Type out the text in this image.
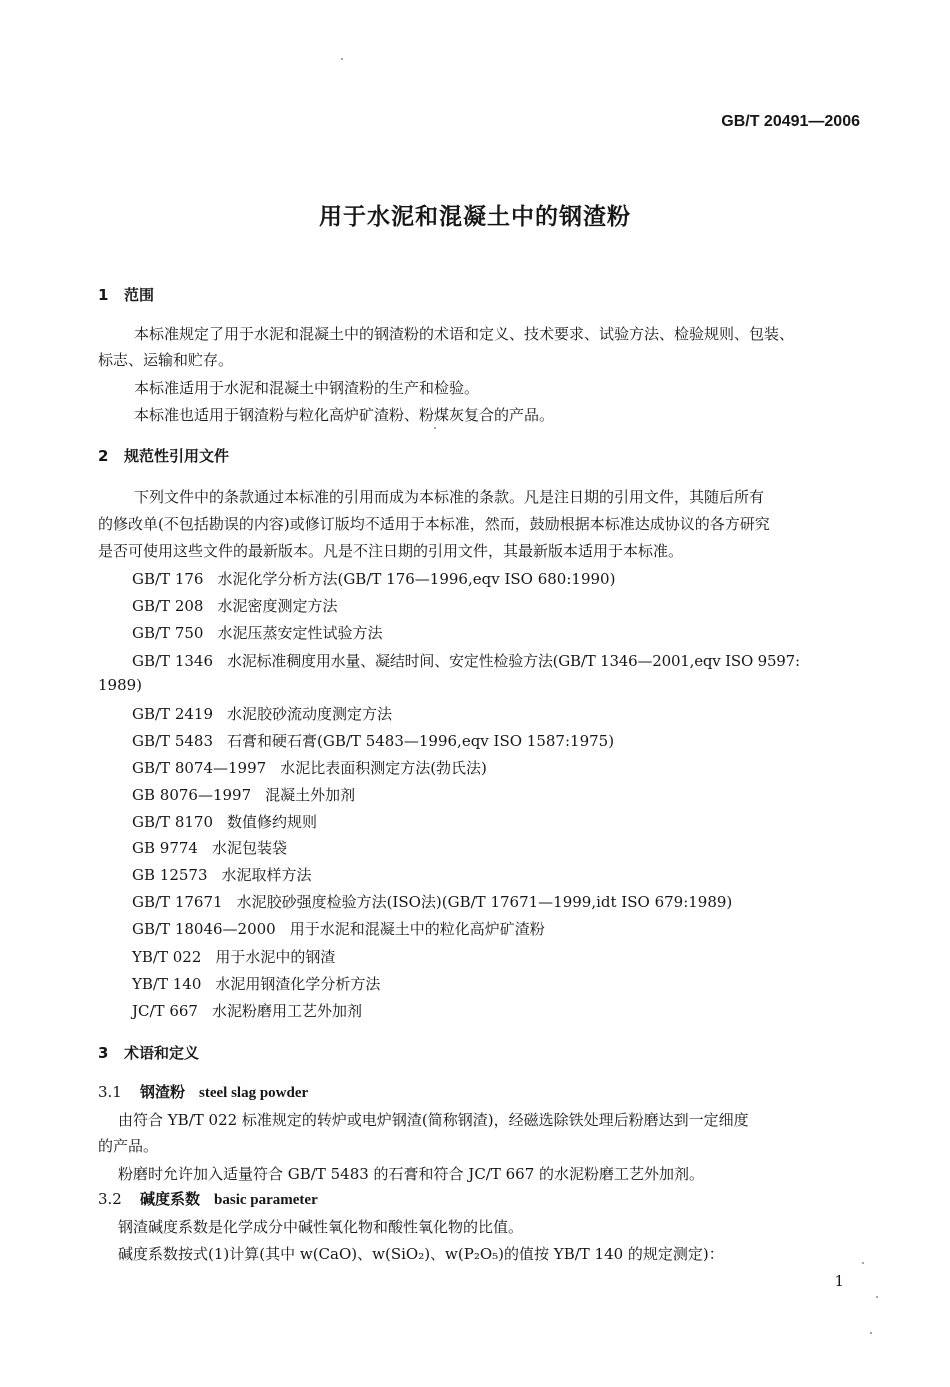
GB/T 20491—2006
用于水泥和混凝土中的钢渣粉
1 范围
本标准规定了用于水泥和混凝土中的钢渣粉的术语和定义、技术要求、试验方法、检验规则、包装、
标志、运输和贮存。
本标准适用于水泥和混凝土中钢渣粉的生产和检验。
本标准也适用于钢渣粉与粒化高炉矿渣粉、粉煤灰复合的产品。
2 规范性引用文件
下列文件中的条款通过本标准的引用而成为本标准的条款。凡是注日期的引用文件，其随后所有
的修改单(不包括勘误的内容)或修订版均不适用于本标准，然而，鼓励根据本标准达成协议的各方研究
是否可使用这些文件的最新版本。凡是不注日期的引用文件，其最新版本适用于本标准。
GB/T 176 水泥化学分析方法(GB/T 176—1996,eqv ISO 680:1990)
GB/T 208 水泥密度测定方法
GB/T 750 水泥压蒸安定性试验方法
GB/T 1346 水泥标准稠度用水量、凝结时间、安定性检验方法(GB/T 1346—2001,eqv ISO 9597:
1989)
GB/T 2419 水泥胶砂流动度测定方法
GB/T 5483 石膏和硬石膏(GB/T 5483—1996,eqv ISO 1587:1975)
GB/T 8074—1997 水泥比表面积测定方法(勃氏法)
GB 8076—1997 混凝土外加剂
GB/T 8170 数值修约规则
GB 9774 水泥包装袋
GB 12573 水泥取样方法
GB/T 17671 水泥胶砂强度检验方法(ISO法)(GB/T 17671—1999,idt ISO 679:1989)
GB/T 18046—2000 用于水泥和混凝土中的粒化高炉矿渣粉
YB/T 022 用于水泥中的钢渣
YB/T 140 水泥用钢渣化学分析方法
JC/T 667 水泥粉磨用工艺外加剂
3 术语和定义
3.1 钢渣粉 steel slag powder
由符合 YB/T 022 标准规定的转炉或电炉钢渣(简称钢渣)，经磁选除铁处理后粉磨达到一定细度
的产品。
粉磨时允许加入适量符合 GB/T 5483 的石膏和符合 JC/T 667 的水泥粉磨工艺外加剂。
3.2 碱度系数 basic parameter
钢渣碱度系数是化学成分中碱性氧化物和酸性氧化物的比值。
碱度系数按式(1)计算(其中 w(CaO)、w(SiO₂)、w(P₂O₅)的值按 YB/T 140 的规定测定)：
1
